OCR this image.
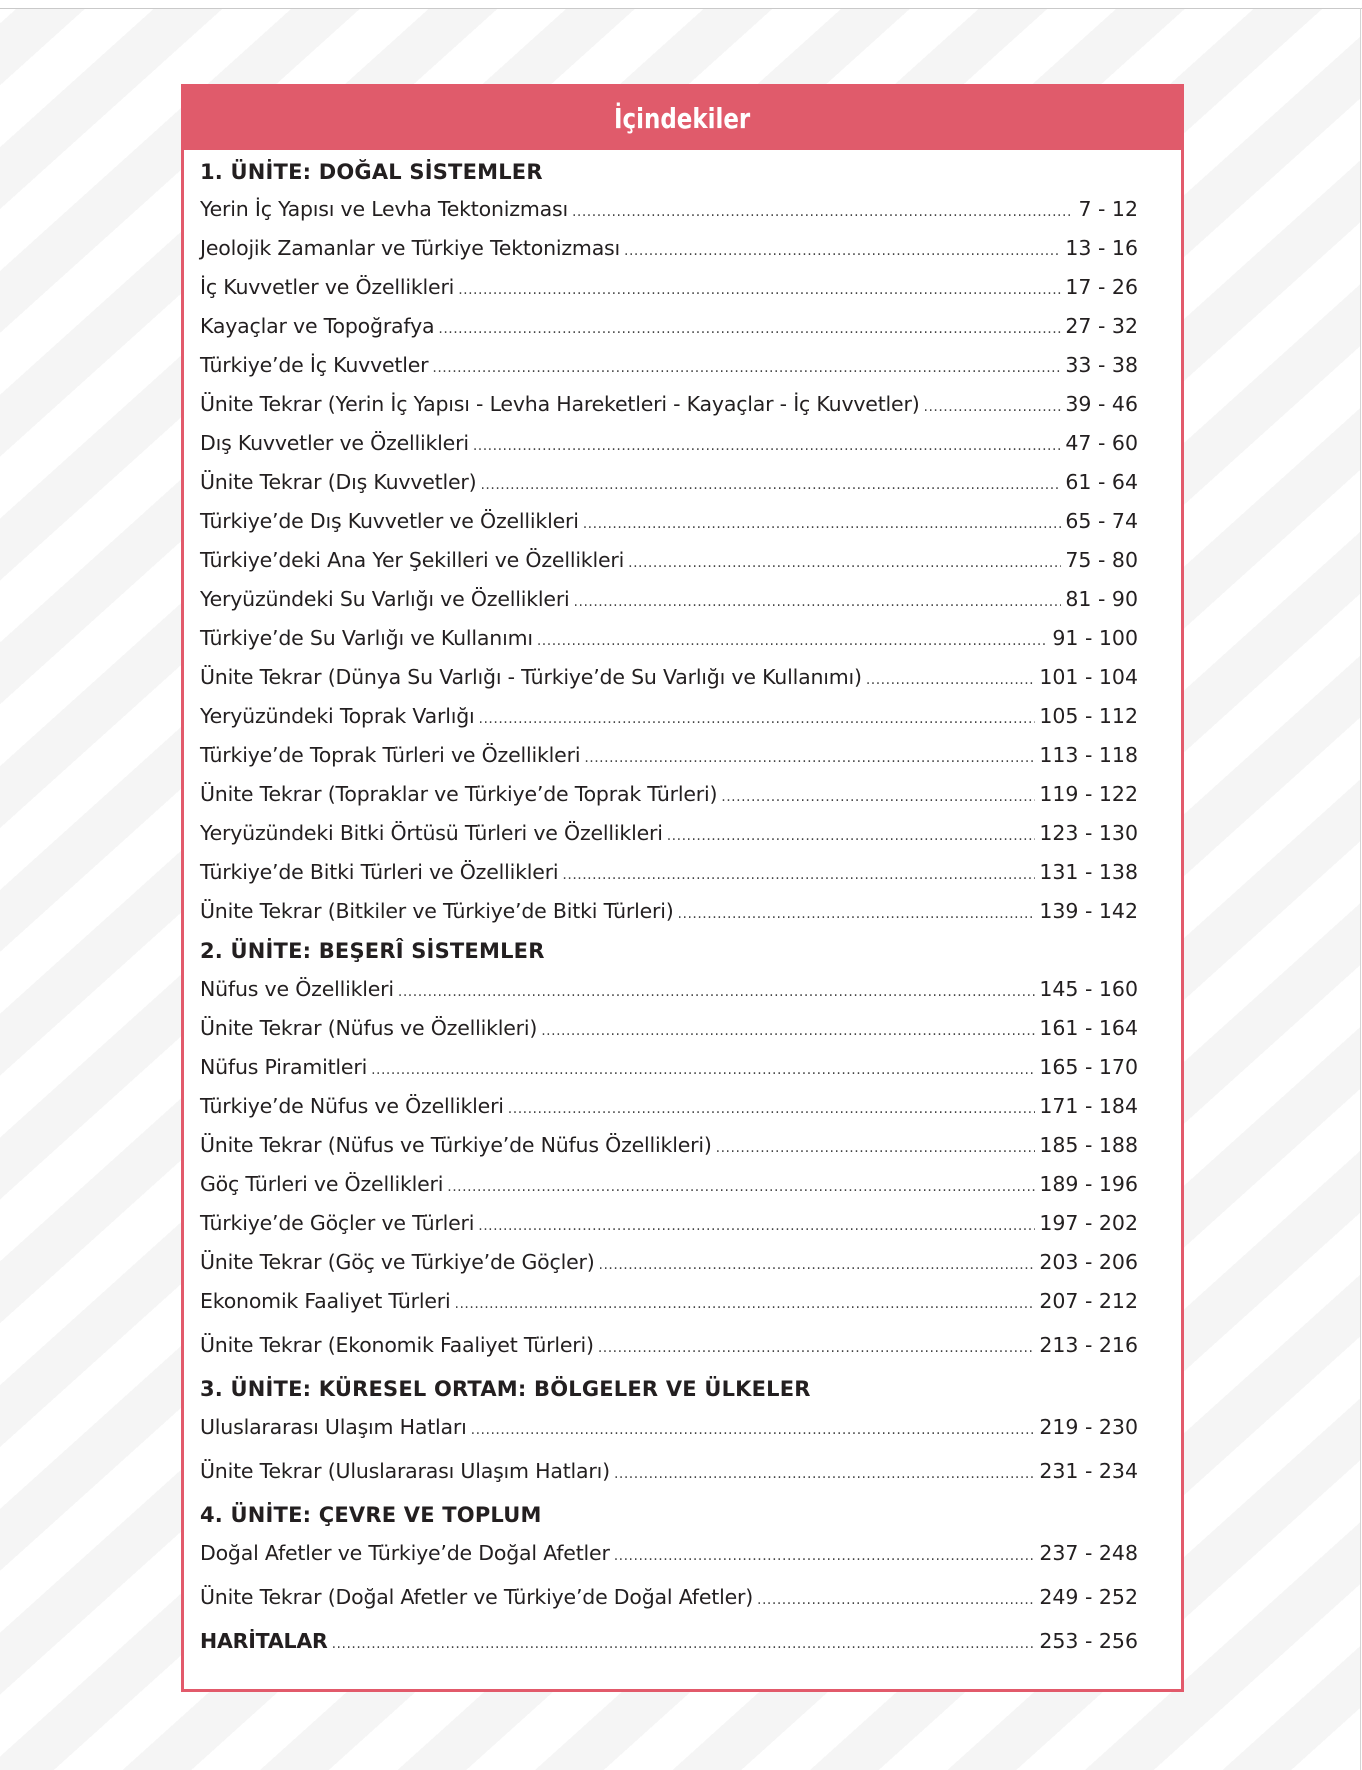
İçindekiler
1. ÜNİTE: DOĞAL SİSTEMLER
Yerin İç Yapısı ve Levha Tektonizması .....	7 - 12
Jeolojik Zamanlar ve Türkiye Tektonizması .....	13 - 16
İç Kuvvetler ve Özellikleri .....	17 - 26
Kayaçlar ve Topoğrafya .....	27 - 32
Türkiye’de İç Kuvvetler .....	33 - 38
Ünite Tekrar (Yerin İç Yapısı - Levha Hareketleri - Kayaçlar - İç Kuvvetler) .....	39 - 46
Dış Kuvvetler ve Özellikleri .....	47 - 60
Ünite Tekrar (Dış Kuvvetler) .....	61 - 64
Türkiye’de Dış Kuvvetler ve Özellikleri .....	65 - 74
Türkiye’deki Ana Yer Şekilleri ve Özellikleri .....	75 - 80
Yeryüzündeki Su Varlığı ve Özellikleri .....	81 - 90
Türkiye’de Su Varlığı ve Kullanımı .....	91 - 100
Ünite Tekrar (Dünya Su Varlığı - Türkiye’de Su Varlığı ve Kullanımı) .....	101 - 104
Yeryüzündeki Toprak Varlığı .....	105 - 112
Türkiye’de Toprak Türleri ve Özellikleri .....	113 - 118
Ünite Tekrar (Topraklar ve Türkiye’de Toprak Türleri) .....	119 - 122
Yeryüzündeki Bitki Örtüsü Türleri ve Özellikleri .....	123 - 130
Türkiye’de Bitki Türleri ve Özellikleri .....	131 - 138
Ünite Tekrar (Bitkiler ve Türkiye’de Bitki Türleri) .....	139 - 142
2. ÜNİTE: BEŞERÎ SİSTEMLER
Nüfus ve Özellikleri .....	145 - 160
Ünite Tekrar (Nüfus ve Özellikleri) .....	161 - 164
Nüfus Piramitleri .....	165 - 170
Türkiye’de Nüfus ve Özellikleri .....	171 - 184
Ünite Tekrar (Nüfus ve Türkiye’de Nüfus Özellikleri) .....	185 - 188
Göç Türleri ve Özellikleri .....	189 - 196
Türkiye’de Göçler ve Türleri .....	197 - 202
Ünite Tekrar (Göç ve Türkiye’de Göçler) .....	203 - 206
Ekonomik Faaliyet Türleri .....	207 - 212
Ünite Tekrar (Ekonomik Faaliyet Türleri) .....	213 - 216
3. ÜNİTE: KÜRESEL ORTAM: BÖLGELER VE ÜLKELER
Uluslararası Ulaşım Hatları .....	219 - 230
Ünite Tekrar (Uluslararası Ulaşım Hatları) .....	231 - 234
4. ÜNİTE: ÇEVRE VE TOPLUM
Doğal Afetler ve Türkiye’de Doğal Afetler .....	237 - 248
Ünite Tekrar (Doğal Afetler ve Türkiye’de Doğal Afetler) .....	249 - 252
HARİTALAR .....	253 - 256
